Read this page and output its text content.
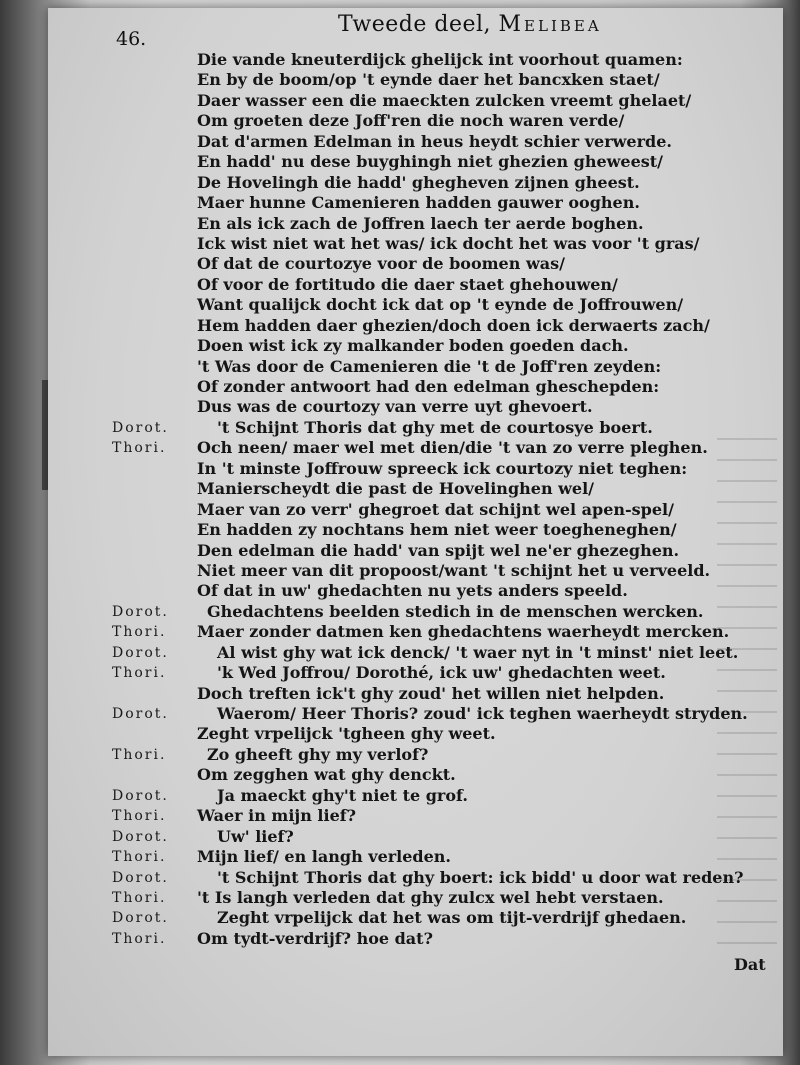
46.
Tweede deel, Melibea
Die vande kneuterdijck ghelijck int voorhout quamen:
En by de boom/op 't eynde daer het bancxken staet/
Daer wasser een die maeckten zulcken vreemt ghelaet/
Om groeten deze Joff'ren die noch waren verde/
Dat d'armen Edelman in heus heydt schier verwerde.
En hadd' nu dese buyghingh niet ghezien gheweest/
De Hovelingh die hadd' ghegheven zijnen gheest.
Maer hunne Camenieren hadden gauwer ooghen.
En als ick zach de Joffren laech ter aerde boghen.
Ick wist niet wat het was/ ick docht het was voor 't gras/
Of dat de courtozye voor de boomen was/
Of voor de fortitudo die daer staet ghehouwen/
Want qualijck docht ick dat op 't eynde de Joffrouwen/
Hem hadden daer ghezien/doch doen ick derwaerts zach/
Doen wist ick zy malkander boden goeden dach.
't Was door de Camenieren die 't de Joff'ren zeyden:
Of zonder antwoort had den edelman gheschepden:
Dus was de courtozy van verre uyt ghevoert.
Dorot.	't Schijnt Thoris dat ghy met de courtosye boert.
Thori. Och neen/ maer wel met dien/die 't van zo verre pleghen.
In 't minste Joffrouw spreeck ick courtozy niet teghen:
Manierscheydt die past de Hovelinghen wel/
Maer van zo verr' ghegroet dat schijnt wel apen-spel/
En hadden zy nochtans hem niet weer toegheneghen/
Den edelman die hadd' van spijt wel ne'er ghezeghen.
Niet meer van dit propoost/want 't schijnt het u verveeld.
Of dat in uw' ghedachten nu yets anders speeld.
Dorot. Ghedachtens beelden stedich in de menschen wercken.
Thori. Maer zonder datmen ken ghedachtens waerheydt mercken.
Dorot.	Al wist ghy wat ick denck/ 't waer nyt in 't minst' niet leet.
Thori.	'k Wed Joffrou/ Dorothé, ick uw' ghedachten weet.
Doch treften ick't ghy zoud' het willen niet helpden.
Dorot.	Waerom/ Heer Thoris? zoud' ick teghen waerheydt stryden.
Zeght vrpelijck 'tgheen ghy weet.
Thori.	Zo gheeft ghy my verlof?
Om zegghen wat ghy denckt.
Dorot.	Ja maeckt ghy't niet te grof.
Thori. Waer in mijn lief?
Dorot.	Uw' lief?
Thori. Mijn lief/ en langh verleden.
Dorot.	't Schijnt Thoris dat ghy boert: ick bidd' u door wat reden?
Thori. 't Is langh verleden dat ghy zulcx wel hebt verstaen.
Dorot.	Zeght vrpelijck dat het was om tijt-verdrijf ghedaen.
Thori. Om tydt-verdrijf? hoe dat?
Dat
